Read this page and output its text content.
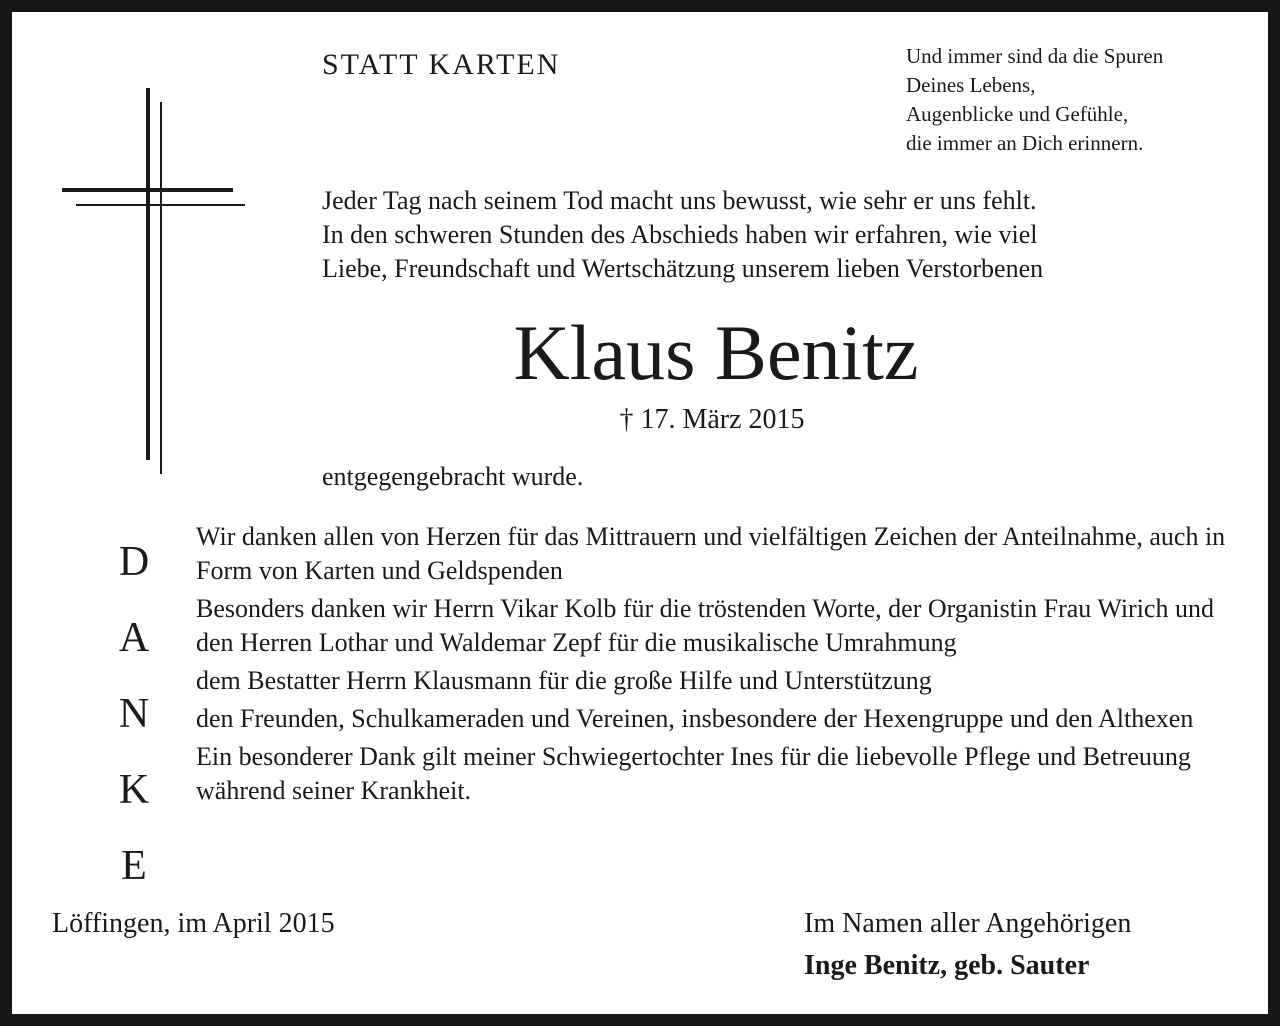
STATT KARTEN	Und immer sind da die Spuren
Deines Lebens,
Augenblicke und Gefühle,
die immer an Dich erinnern.
Jeder Tag nach seinem Tod macht uns bewusst, wie sehr er uns fehlt.
In den schweren Stunden des Abschieds haben wir erfahren, wie viel
Liebe, Freundschaft und Wertschätzung unserem lieben Verstorbenen
Klaus Benitz
† 17. März 2015
entgegengebracht wurde.
D
A
N
K
E

Wir danken allen von Herzen für das Mittrauern und vielfältigen Zeichen der Anteilnahme, auch in Form von Karten und Geldspenden

Besonders danken wir Herrn Vikar Kolb für die tröstenden Worte, der Organistin Frau Wirich und den Herren Lothar und Waldemar Zepf für die musikalische Umrahmung

dem Bestatter Herrn Klausmann für die große Hilfe und Unterstützung

den Freunden, Schulkameraden und Vereinen, insbesondere der Hexengruppe und den Althexen

Ein besonderer Dank gilt meiner Schwiegertochter Ines für die liebevolle Pflege und Betreuung während seiner Krankheit.

Löffingen, im April 2015	Im Namen aller Angehörigen
Inge Benitz, geb. Sauter
